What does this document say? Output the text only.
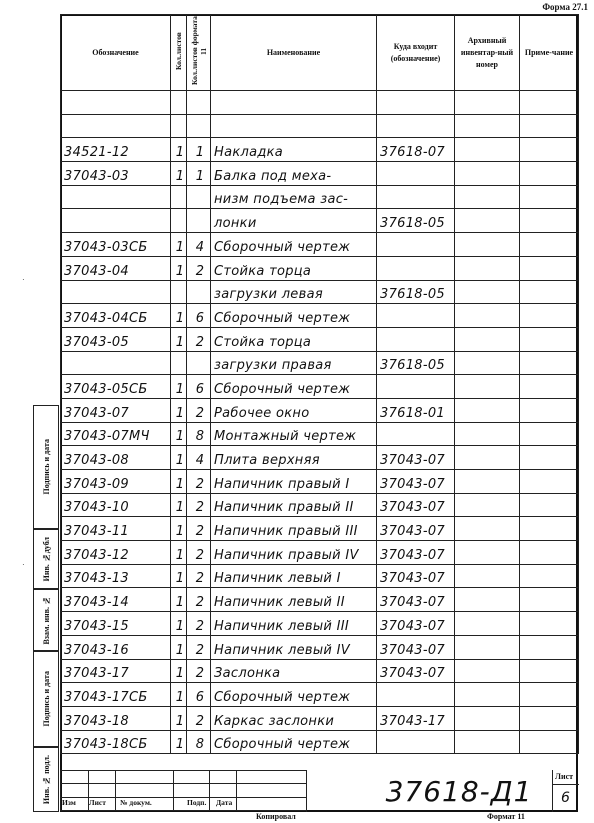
Форма 27.1
Обозначение	Кол.листов	Кол.листов формата 11	Наименование	Куда входит (обозначение)	Архивный инвентар-ный номер	Приме-чание

34521-12	1	1	Накладка	37618-07		
37043-03	1	1	Балка под меха-			
			низм подъема зас-			
			лонки	37618-05		
37043-03СБ	1	4	Сборочный чертеж			
37043-04	1	2	Стойка торца			
			загрузки левая	37618-05		
37043-04СБ	1	6	Сборочный чертеж			
37043-05	1	2	Стойка торца			
			загрузки правая	37618-05		
37043-05СБ	1	6	Сборочный чертеж			
37043-07	1	2	Рабочее окно	37618-01		
37043-07МЧ	1	8	Монтажный чертеж			
37043-08	1	4	Плита верхняя	37043-07		
37043-09	1	2	Напичник правый I	37043-07		
37043-10	1	2	Напичник правый II	37043-07		
37043-11	1	2	Напичник правый III	37043-07		
37043-12	1	2	Напичник правый IV	37043-07		
37043-13	1	2	Напичник левый I	37043-07		
37043-14	1	2	Напичник левый II	37043-07		
37043-15	1	2	Напичник левый III	37043-07		
37043-16	1	2	Напичник левый IV	37043-07		
37043-17	1	2	Заслонка	37043-07		
37043-17СБ	1	6	Сборочный чертеж			
37043-18	1	2	Каркас заслонки	37043-17		
37043-18СБ	1	8	Сборочный чертеж			
Подпись и дата
Инв. №дубл
Взам. инв. №
Подпись и дата
Инв. № подл.

					Изм Лист № докум.	Подп. Дата	37618-Д1	Лист
6
Копировал	Формат 11
·
·
